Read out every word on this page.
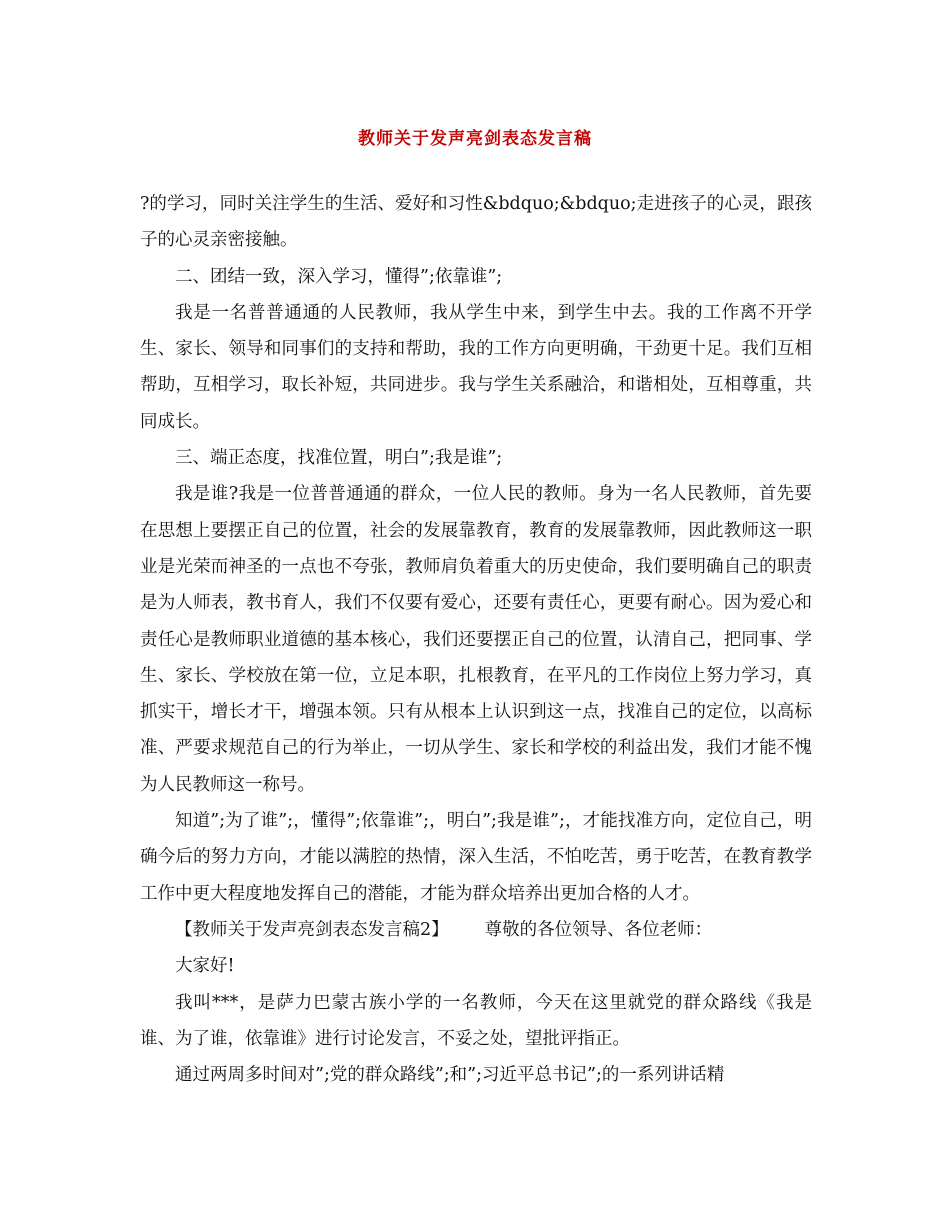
教师关于发声亮剑表态发言稿

?的学习，同时关注学生的生活、爱好和习性&bdquo;&bdquo;走进孩子的心灵，跟孩子的心灵亲密接触。

二、团结一致，深入学习，懂得”;依靠谁”;

我是一名普普通通的人民教师，我从学生中来，到学生中去。我的工作离不开学生、家长、领导和同事们的支持和帮助，我的工作方向更明确，干劲更十足。我们互相帮助，互相学习，取长补短，共同进步。我与学生关系融洽，和谐相处，互相尊重，共同成长。

三、端正态度，找准位置，明白”;我是谁”;

我是谁?我是一位普普通通的群众，一位人民的教师。身为一名人民教师，首先要在思想上要摆正自己的位置，社会的发展靠教育，教育的发展靠教师，因此教师这一职业是光荣而神圣的一点也不夸张，教师肩负着重大的历史使命，我们要明确自己的职责是为人师表，教书育人，我们不仅要有爱心，还要有责任心，更要有耐心。因为爱心和责任心是教师职业道德的基本核心，我们还要摆正自己的位置，认清自己，把同事、学生、家长、学校放在第一位，立足本职，扎根教育，在平凡的工作岗位上努力学习，真抓实干，增长才干，增强本领。只有从根本上认识到这一点，找准自己的定位，以高标准、严要求规范自己的行为举止，一切从学生、家长和学校的利益出发，我们才能不愧为人民教师这一称号。

知道”;为了谁”;，懂得”;依靠谁”;，明白”;我是谁”;，才能找准方向，定位自己，明确今后的努力方向，才能以满腔的热情，深入生活，不怕吃苦，勇于吃苦，在教育教学工作中更大程度地发挥自己的潜能，才能为群众培养出更加合格的人才。

【教师关于发声亮剑表态发言稿2】 尊敬的各位领导、各位老师：

大家好!

我叫***，是萨力巴蒙古族小学的一名教师，今天在这里就党的群众路线《我是谁、为了谁，依靠谁》进行讨论发言，不妥之处，望批评指正。

通过两周多时间对”;党的群众路线”;和”;习近平总书记”;的一系列讲话精
